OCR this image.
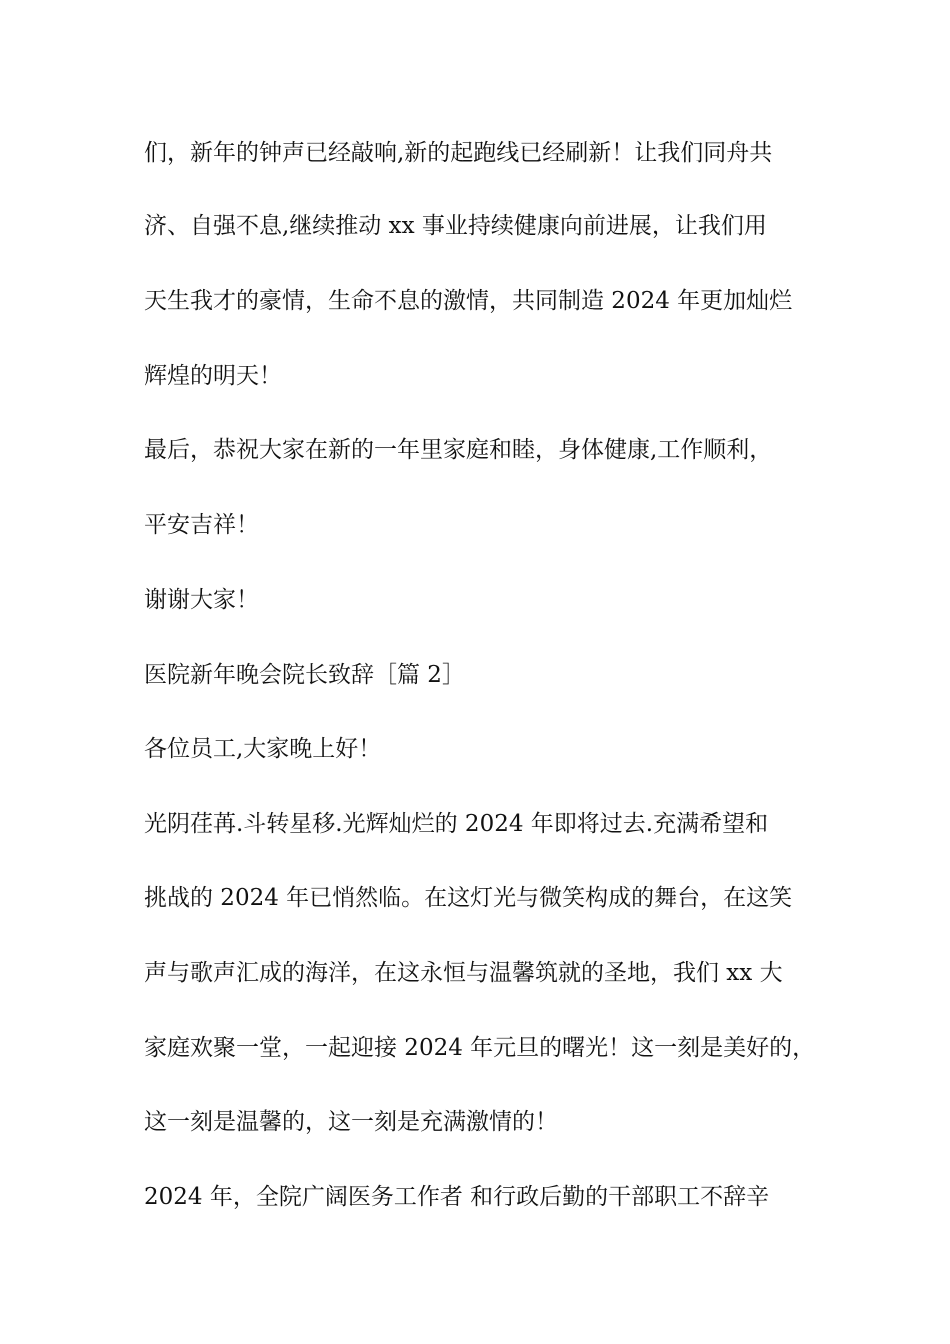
们，新年的钟声已经敲响,新的起跑线已经刷新！让我们同舟共
济、自强不息,继续推动 xx 事业持续健康向前进展，让我们用
天生我才的豪情，生命不息的激情，共同制造 2024 年更加灿烂
辉煌的明天！
最后，恭祝大家在新的一年里家庭和睦，身体健康,工作顺利，
平安吉祥！
谢谢大家！
医院新年晚会院长致辞［篇 2］
各位员工,大家晚上好！
光阴荏苒.斗转星移.光辉灿烂的 2024 年即将过去.充满希望和
挑战的 2024 年已悄然临。在这灯光与微笑构成的舞台，在这笑
声与歌声汇成的海洋，在这永恒与温馨筑就的圣地，我们 xx 大
家庭欢聚一堂，一起迎接 2024 年元旦的曙光！这一刻是美好的，
这一刻是温馨的，这一刻是充满激情的！
2024 年，全院广阔医务工作者 和行政后勤的干部职工不辞辛
